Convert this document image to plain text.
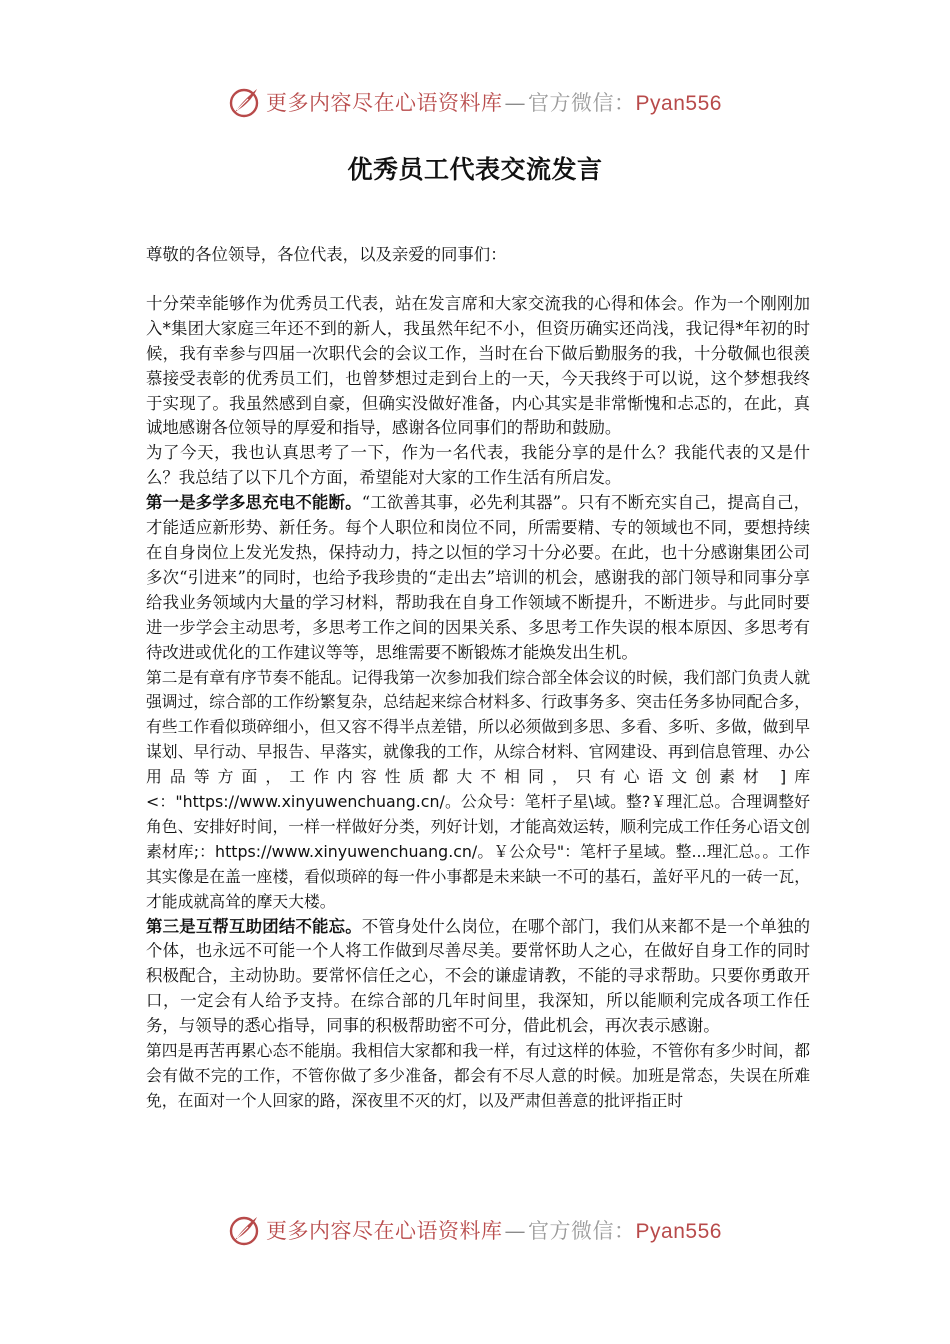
更多内容尽在心语资料库—官方微信：Pyan556
优秀员工代表交流发言

尊敬的各位领导，各位代表，以及亲爱的同事们：

十分荣幸能够作为优秀员工代表，站在发言席和大家交流我的心得和体会。作为一个刚刚加入*集团大家庭三年还不到的新人，我虽然年纪不小，但资历确实还尚浅，我记得*年初的时候，我有幸参与四届一次职代会的会议工作，当时在台下做后勤服务的我，十分敬佩也很羡慕接受表彰的优秀员工们，也曾梦想过走到台上的一天，今天我终于可以说，这个梦想我终于实现了。我虽然感到自豪，但确实没做好准备，内心其实是非常惭愧和忐忑的，在此，真诚地感谢各位领导的厚爱和指导，感谢各位同事们的帮助和鼓励。

为了今天，我也认真思考了一下，作为一名代表，我能分享的是什么？我能代表的又是什么？我总结了以下几个方面，希望能对大家的工作生活有所启发。

第一是多学多思充电不能断。“工欲善其事，必先利其器”。只有不断充实自己，提高自己，才能适应新形势、新任务。每个人职位和岗位不同，所需要精、专的领域也不同，要想持续在自身岗位上发光发热，保持动力，持之以恒的学习十分必要。在此，也十分感谢集团公司多次“引进来”的同时，也给予我珍贵的“走出去”培训的机会，感谢我的部门领导和同事分享给我业务领域内大量的学习材料，帮助我在自身工作领域不断提升，不断进步。与此同时要进一步学会主动思考，多思考工作之间的因果关系、多思考工作失误的根本原因、多思考有待改进或优化的工作建议等等，思维需要不断锻炼才能焕发出生机。

第二是有章有序节奏不能乱。记得我第一次参加我们综合部全体会议的时候，我们部门负责人就强调过，综合部的工作纷繁复杂，总结起来综合材料多、行政事务多、突击任务多协同配合多，有些工作看似琐碎细小，但又容不得半点差错，所以必须做到多思、多看、多听、多做，做到早谋划、早行动、早报告、早落实，就像我的工作，从综合材料、官网建设、再到信息管理、办公用品等方面，工作内容性质都大不相同，只有心语文创素材 ]库<："https://www.xinyuwenchuang.cn/。公众号：笔杆子星\域。整?￥理汇总。合理调整好角色、安排好时间，一样一样做好分类，列好计划，才能高效运转，顺利完成工作任务心语文创素材库;：https://www.xinyuwenchuang.cn/。￥公众号"：笔杆子星域。整...理汇总。。工作其实像是在盖一座楼，看似琐碎的每一件小事都是未来缺一不可的基石，盖好平凡的一砖一瓦，才能成就高耸的摩天大楼。

第三是互帮互助团结不能忘。不管身处什么岗位，在哪个部门，我们从来都不是一个单独的个体，也永远不可能一个人将工作做到尽善尽美。要常怀助人之心，在做好自身工作的同时积极配合，主动协助。要常怀信任之心，不会的谦虚请教，不能的寻求帮助。只要你勇敢开口，一定会有人给予支持。在综合部的几年时间里，我深知，所以能顺利完成各项工作任务，与领导的悉心指导，同事的积极帮助密不可分，借此机会，再次表示感谢。

第四是再苦再累心态不能崩。我相信大家都和我一样，有过这样的体验，不管你有多少时间，都会有做不完的工作，不管你做了多少准备，都会有不尽人意的时候。加班是常态，失误在所难免，在面对一个人回家的路，深夜里不灭的灯，以及严肃但善意的批评指正时

更多内容尽在心语资料库—官方微信：Pyan556
